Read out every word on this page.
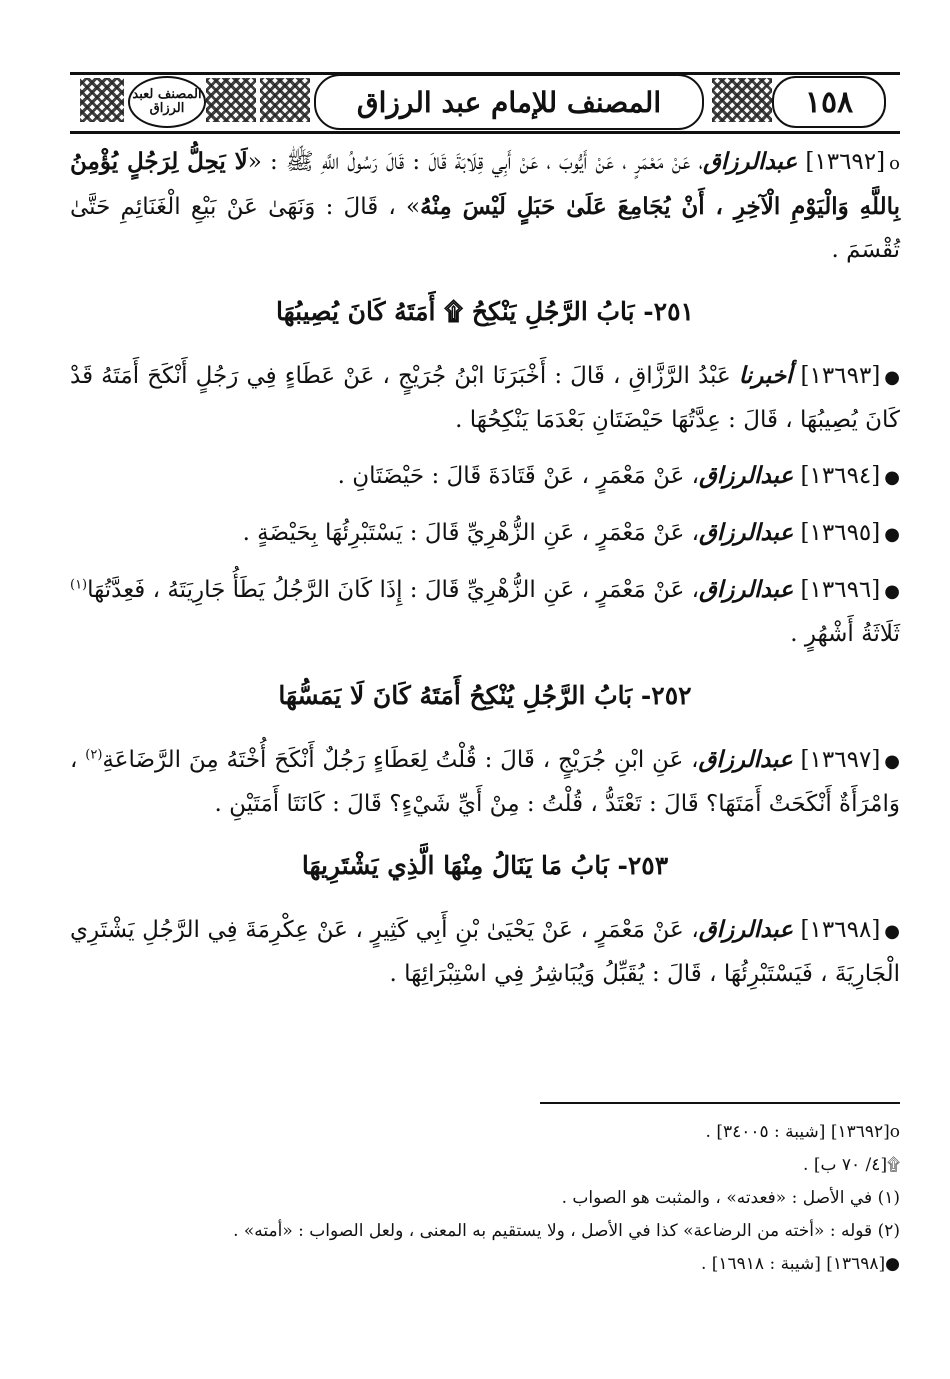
١٥٨
المصنف للإمام عبد الرزاق
المصنف لعبد الرزاق

ο[١٣٦٩٢] عبدالرزاق، عَنْ مَعْمَرٍ ، عَنْ أَيُّوبَ ، عَنْ أَبِي قِلَابَةَ قَالَ : قَالَ رَسُولُ اللَّهِ ﷺ : «لَا يَحِلُّ لِرَجُلٍ يُؤْمِنُ بِاللَّهِ وَالْيَوْمِ الْآخِرِ ، أَنْ يُجَامِعَ عَلَىٰ حَبَلٍ لَيْسَ مِنْهُ» ، قَالَ : وَنَهَىٰ عَنْ بَيْعِ الْغَنَائِمِ حَتَّىٰ تُقْسَمَ .

٢٥١- بَابُ الرَّجُلِ يَنْكِحُ ۩ أَمَتَهُ كَانَ يُصِيبُهَا

●[١٣٦٩٣] أخبرنا عَبْدُ الرَّزَّاقِ ، قَالَ : أَخْبَرَنَا ابْنُ جُرَيْجٍ ، عَنْ عَطَاءٍ فِي رَجُلٍ أَنْكَحَ أَمَتَهُ قَدْ كَانَ يُصِيبُهَا ، قَالَ : عِدَّتُهَا حَيْضَتَانِ بَعْدَمَا يَنْكِحُهَا .

●[١٣٦٩٤] عبدالرزاق، عَنْ مَعْمَرٍ ، عَنْ قَتَادَةَ قَالَ : حَيْضَتَانِ .

●[١٣٦٩٥] عبدالرزاق، عَنْ مَعْمَرٍ ، عَنِ الزُّهْرِيِّ قَالَ : يَسْتَبْرِئُهَا بِحَيْضَةٍ .

●[١٣٦٩٦] عبدالرزاق، عَنْ مَعْمَرٍ ، عَنِ الزُّهْرِيِّ قَالَ : إِذَا كَانَ الرَّجُلُ يَطَأُ جَارِيَتَهُ ، فَعِدَّتُهَا$^{(١)}$ ثَلَاثَةُ أَشْهُرٍ .

٢٥٢- بَابُ الرَّجُلِ يُنْكِحُ أَمَتَهُ كَانَ لَا يَمَسُّهَا

●[١٣٦٩٧] عبدالرزاق، عَنِ ابْنِ جُرَيْجٍ ، قَالَ : قُلْتُ لِعَطَاءٍ رَجُلٌ أَنْكَحَ أُخْتَهُ مِنَ الرَّضَاعَةِ$^{(٢)}$ ، وَامْرَأَةٌ أَنْكَحَتْ أَمَتَهَا؟ قَالَ : تَعْتَدُّ ، قُلْتُ : مِنْ أَيِّ شَيْءٍ؟ قَالَ : كَانَتَا أَمَتَيْنِ .

٢٥٣- بَابُ مَا يَنَالُ مِنْهَا الَّذِي يَشْتَرِيهَا

●[١٣٦٩٨] عبدالرزاق، عَنْ مَعْمَرٍ ، عَنْ يَحْيَىٰ بْنِ أَبِي كَثِيرٍ ، عَنْ عِكْرِمَةَ فِي الرَّجُلِ يَشْتَرِي الْجَارِيَةَ ، فَيَسْتَبْرِئُهَا ، قَالَ : يُقَبِّلُ وَيُبَاشِرُ فِي اسْتِبْرَائِهَا .

ο[١٣٦٩٢] [شيبة : ٣٤٠٠٥] .

۩[٤/ ٧٠ ب] .

(١) في الأصل : «فعدته» ، والمثبت هو الصواب .

(٢) قوله : «أخته من الرضاعة» كذا في الأصل ، ولا يستقيم به المعنى ، ولعل الصواب : «أمته» .

●[١٣٦٩٨] [شيبة : ١٦٩١٨] .
